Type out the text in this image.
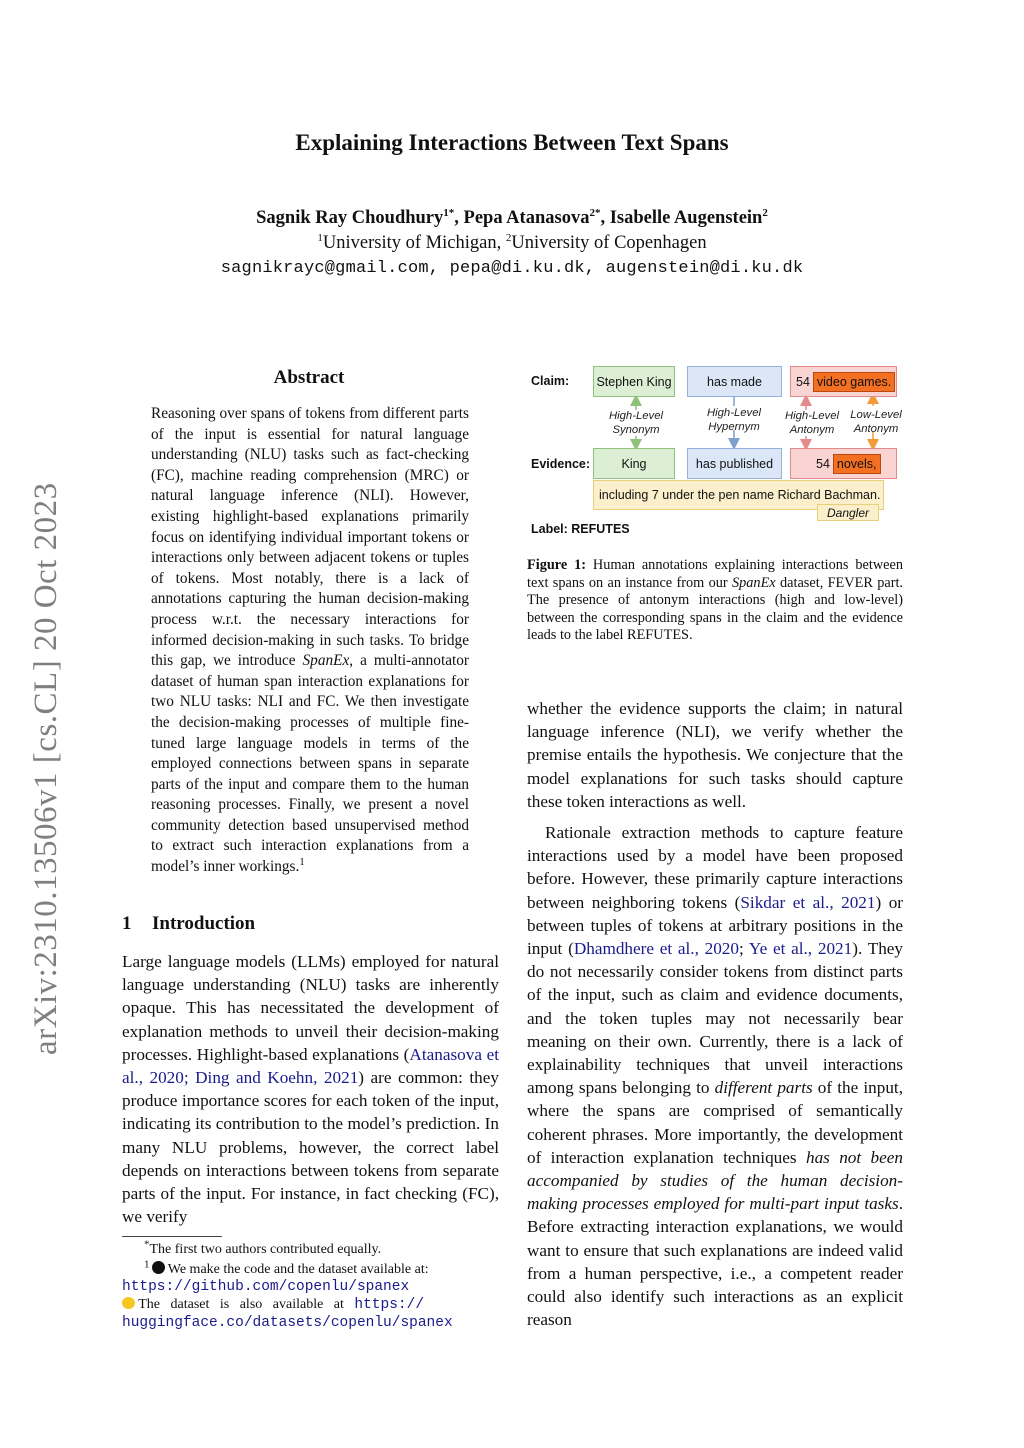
Explaining Interactions Between Text Spans
Sagnik Ray Choudhury$^{1*}$, Pepa Atanasova$^{2*}$, Isabelle Augenstein$^2$
$^1$University of Michigan, $^2$University of Copenhagen
sagnikrayc@gmail.com, pepa@di.ku.dk, augenstein@di.ku.dk
arXiv:2310.13506v1 [cs.CL] 20 Oct 2023
Abstract
Reasoning over spans of tokens from different parts of the input is essential for natural language understanding (NLU) tasks such as fact-checking (FC), machine reading comprehension (MRC) or natural language inference (NLI). However, existing highlight-based explanations primarily focus on identifying individual important tokens or interactions only between adjacent tokens or tuples of tokens. Most notably, there is a lack of annotations capturing the human decision-making process w.r.t. the necessary interactions for informed decision-making in such tasks. To bridge this gap, we introduce SpanEx, a multi-annotator dataset of human span interaction explanations for two NLU tasks: NLI and FC. We then investigate the decision-making processes of multiple fine-tuned large language models in terms of the employed connections between spans in separate parts of the input and compare them to the human reasoning processes. Finally, we present a novel community detection based unsupervised method to extract such interaction explanations from a model’s inner workings.$^1$
1 Introduction
Large language models (LLMs) employed for natural language understanding (NLU) tasks are inherently opaque. This has necessitated the development of explanation methods to unveil their decision-making processes. Highlight-based explanations (Atanasova et al., 2020; Ding and Koehn, 2021) are common: they produce importance scores for each token of the input, indicating its contribution to the model’s prediction. In many NLU problems, however, the correct label depends on interactions between tokens from separate parts of the input. For instance, in fact checking (FC), we verify
*The first two authors contributed equally.
$^1$ We make the code and the dataset available at:
https://github.com/copenlu/spanex
The   dataset   is   also   available   at   https://
huggingface.co/datasets/copenlu/spanex
Claim: Stephen King	has made	54 video games.
High-Level
Synonym
High-Level
Hypernym
High-Level
Antonym
Low-Level
Antonym
Evidence:	King	has published	54 novels,
including 7 under the pen name Richard Bachman.
Dangler
Label: REFUTES
Figure 1: Human annotations explaining interactions between text spans on an instance from our SpanEx dataset, FEVER part. The presence of antonym interactions (high and low-level) between the corresponding spans in the claim and the evidence leads to the label REFUTES.
whether the evidence supports the claim; in natural language inference (NLI), we verify whether the premise entails the hypothesis. We conjecture that the model explanations for such tasks should capture these token interactions as well.
Rationale extraction methods to capture feature interactions used by a model have been proposed before. However, these primarily capture interactions between neighboring tokens (Sikdar et al., 2021) or between tuples of tokens at arbitrary positions in the input (Dhamdhere et al., 2020; Ye et al., 2021). They do not necessarily consider tokens from distinct parts of the input, such as claim and evidence documents, and the token tuples may not necessarily bear meaning on their own. Currently, there is a lack of explainability techniques that unveil interactions among spans belonging to different parts of the input, where the spans are comprised of semantically coherent phrases. More importantly, the development of interaction explanation techniques has not been accompanied by studies of the human decision-making processes employed for multi-part input tasks. Before extracting interaction explanations, we would want to ensure that such explanations are indeed valid from a human perspective, i.e., a competent reader could also identify such interactions as an explicit reason
